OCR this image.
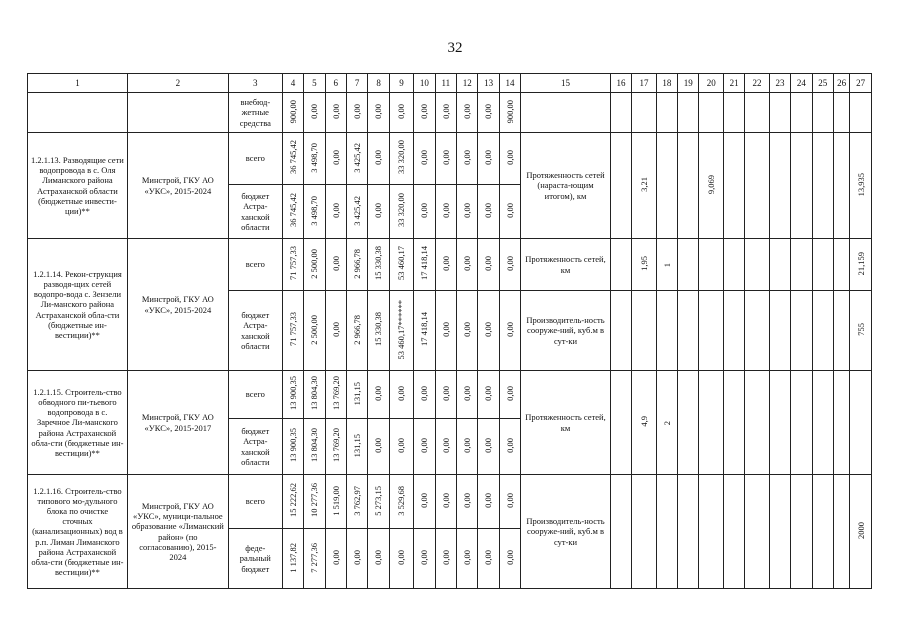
32
1	2	3	4	5	6	7	8	9	10	11	12	13	14	15	16	17	18	19	20	21	22	23	24	25	26	27
		внебюд-жетные средства	900,00	0,00	0,00	0,00	0,00	0,00	0,00	0,00	0,00	0,00	900,00													
1.2.1.13. Разводящие сети водопровода в с. Оля Лиманского района Астраханской области (бюджетные инвести-ции)**	Минстрой, ГКУ АО «УКС», 2015-2024	всего	36 745,42	3 498,70	0,00	3 425,42	0,00	33 320,00	0,00	0,00	0,00	0,00	0,00	Протяженность сетей (нараста-ющим итогом), км		3,21			9,069							13,935
		бюджет Астра-ханской области	36 745,42	3 498,70	0,00	3 425,42	0,00	33 320,00	0,00	0,00	0,00	0,00	0,00													
1.2.1.14. Рекон-струкция разводя-щих сетей водопро-вода с. Зензели Ли-манского района Астраханской обла-сти (бюджетные ин-вестиции)**	Минстрой, ГКУ АО «УКС», 2015-2024	всего	71 757,33	2 500,00	0,00	2 966,78	15 330,38	53 460,17	17 418,14	0,00	0,00	0,00	0,00	Протяженность сетей, км		1,95	1									21,159
		бюджет Астра-ханской области	71 757,33	2 500,00	0,00	2 966,78	15 330,38	53 460,17******	17 418,14	0,00	0,00	0,00	0,00	Производитель-ность сооруже-ний, куб.м в сут-ки												755
1.2.1.15. Строитель-ство обводного пи-тьевого водопровода в с. Заречное Ли-манского района Астраханской обла-сти (бюджетные ин-вестиции)**	Минстрой, ГКУ АО «УКС», 2015-2017	всего	13 900,35	13 804,30	13 769,20	131,15	0,00	0,00	0,00	0,00	0,00	0,00	0,00	Протяженность сетей, км		4,9	2									
		бюджет Астра-ханской области	13 900,35	13 804,30	13 769,20	131,15	0,00	0,00	0,00	0,00	0,00	0,00	0,00													
1.2.1.16. Строитель-ство типового мо-дульного блока по очистке сточных (канализационных) вод в р.п. Лиман Лиманского района Астраханской обла-сти (бюджетные ин-вестиции)**	Минстрой, ГКУ АО «УКС», муници-пальное образование «Лиманский район» (по согласованию), 2015-2024	всего	15 222,62	10 277,36	1 519,00	3 762,97	5 273,15	3 529,68	0,00	0,00	0,00	0,00	0,00	Производитель-ность сооруже-ний, куб.м в сут-ки												2000
		феде-ральный бюджет	1 137,82	7 277,36	0,00	0,00	0,00	0,00	0,00	0,00	0,00	0,00	0,00													
